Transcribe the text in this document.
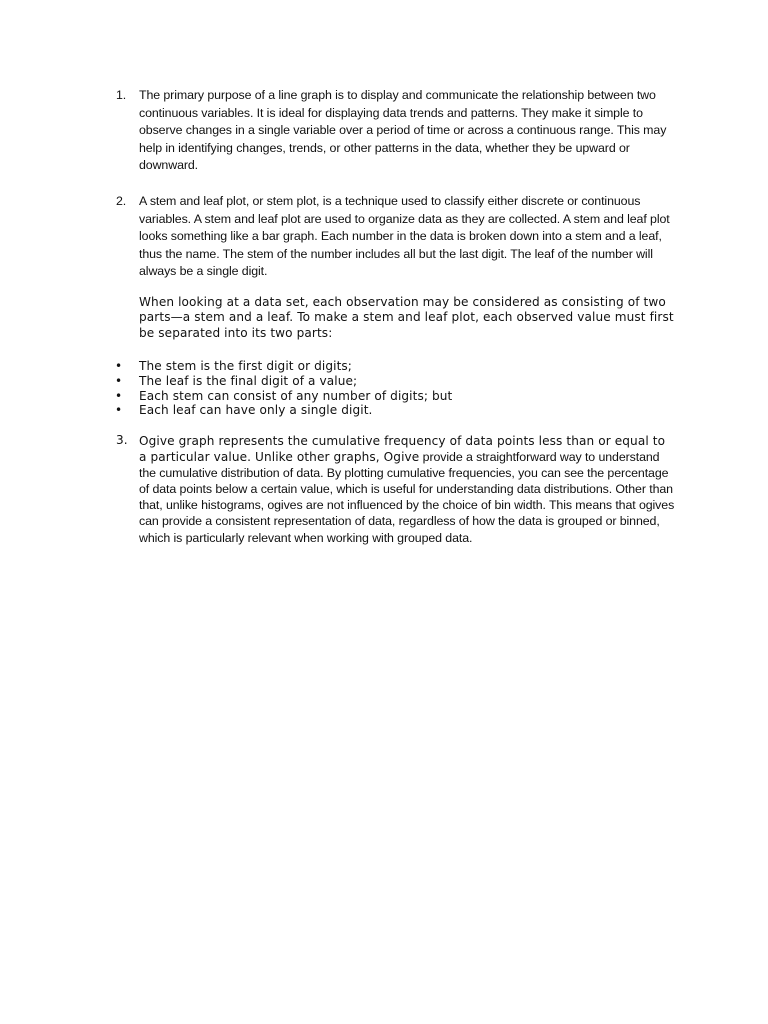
1.	The primary purpose of a line graph is to display and communicate the relationship between two continuous variables. It is ideal for displaying data trends and patterns. They make it simple to observe changes in a single variable over a period of time or across a continuous range. This may help in identifying changes, trends, or other patterns in the data, whether they be upward or downward.

2.	A stem and leaf plot, or stem plot, is a technique used to classify either discrete or continuous variables. A stem and leaf plot are used to organize data as they are collected. A stem and leaf plot looks something like a bar graph. Each number in the data is broken down into a stem and a leaf, thus the name. The stem of the number includes all but the last digit. The leaf of the number will always be a single digit.

When looking at a data set, each observation may be considered as consisting of two parts—a stem and a leaf. To make a stem and leaf plot, each observed value must first be separated into its two parts:

• The stem is the first digit or digits;
• The leaf is the final digit of a value;
• Each stem can consist of any number of digits; but
• Each leaf can have only a single digit.
3. Ogive graph represents the cumulative frequency of data points less than or equal to a particular value. Unlike other graphs, Ogive provide a straightforward way to understand the cumulative distribution of data. By plotting cumulative frequencies, you can see the percentage of data points below a certain value, which is useful for understanding data distributions. Other than that, unlike histograms, ogives are not influenced by the choice of bin width. This means that ogives can provide a consistent representation of data, regardless of how the data is grouped or binned, which is particularly relevant when working with grouped data.
